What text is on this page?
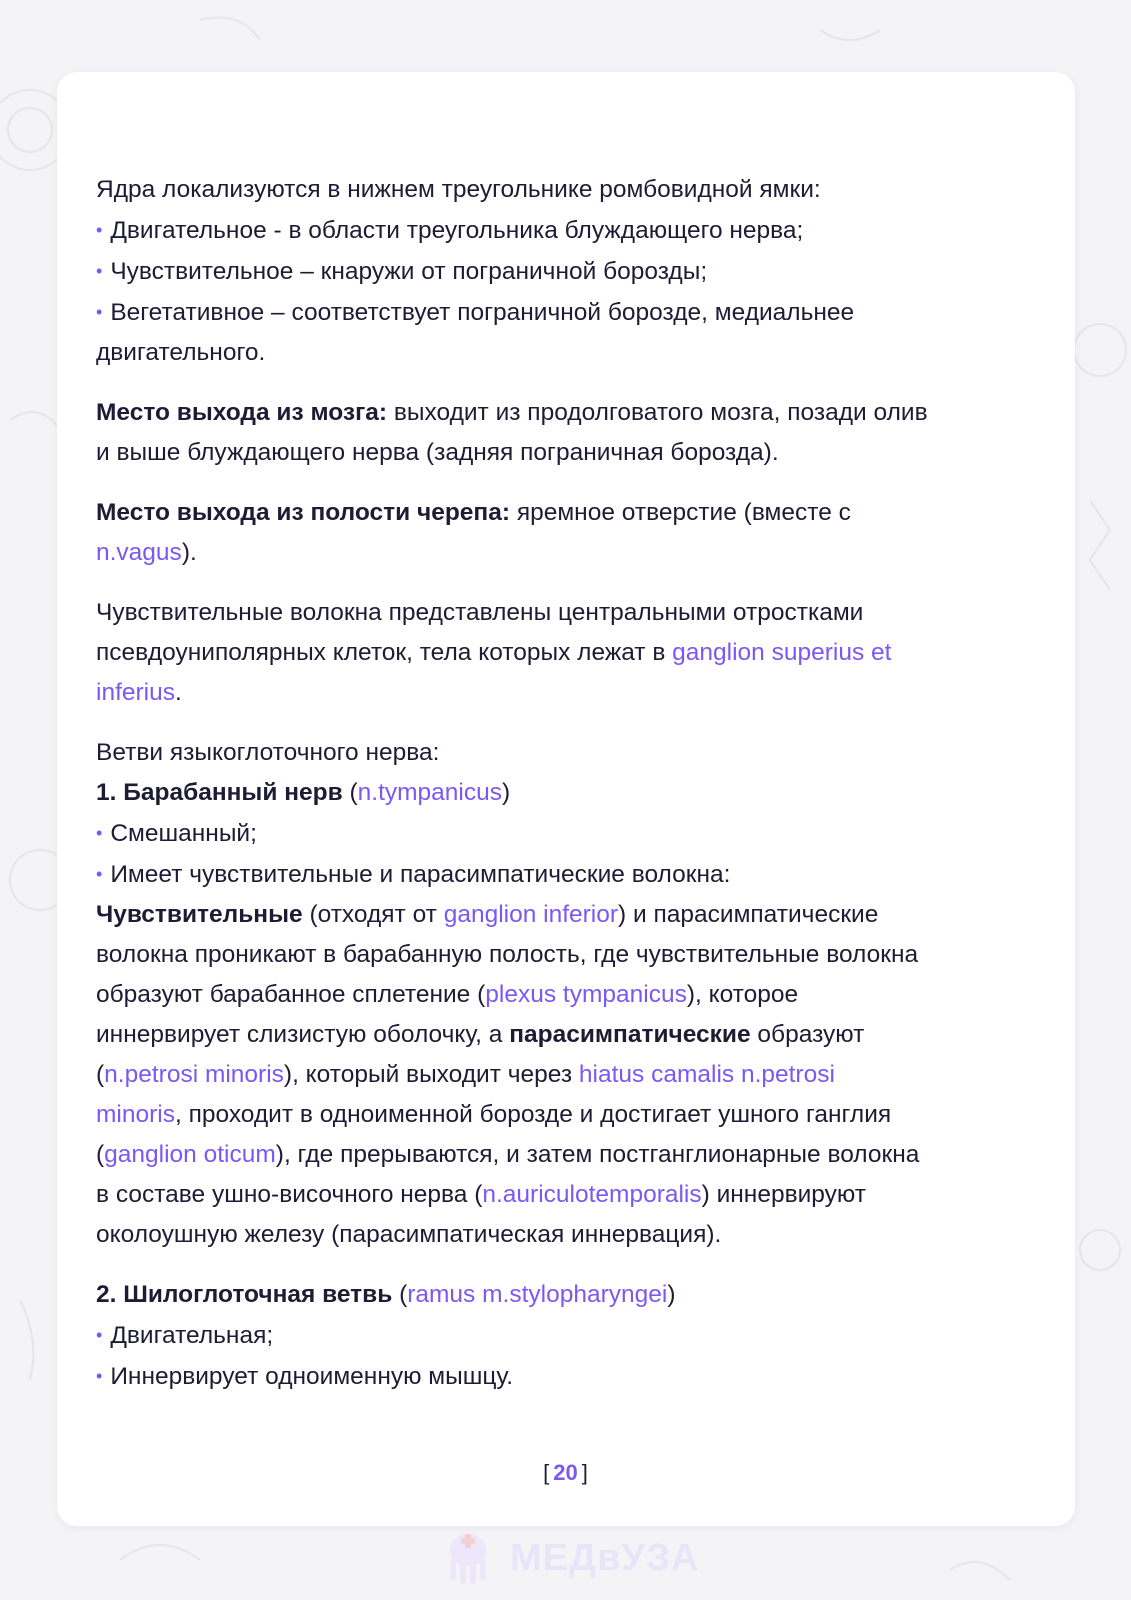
Ядра локализуются в нижнем треугольнике ромбовидной ямки:
• Двигательное - в области треугольника блуждающего нерва;
• Чувствительное – кнаружи от пограничной борозды;
• Вегетативное – соответствует пограничной борозде, медиальнее
двигательного.

Место выхода из мозга: выходит из продолговатого мозга, позади олив
и выше блуждающего нерва (задняя пограничная борозда).

Место выхода из полости черепа: яремное отверстие (вместе с
n.vagus).

Чувствительные волокна представлены центральными отростками
псевдоуниполярных клеток, тела которых лежат в ganglion superius et
inferius.

Ветви языкоглоточного нерва:
1. Барабанный нерв (n.tympanicus)
• Смешанный;
• Имеет чувствительные и парасимпатические волокна:
Чувствительные (отходят от ganglion inferior) и парасимпатические
волокна проникают в барабанную полость, где чувствительные волокна
образуют барабанное сплетение (plexus tympanicus), которое
иннервирует слизистую оболочку, а парасимпатические образуют
(n.petrosi minoris), который выходит через hiatus camalis n.petrosi
minoris, проходит в одноименной борозде и достигает ушного ганглия
(ganglion oticum), где прерываются, и затем постганглионарные волокна
в составе ушно-височного нерва (n.auriculotemporalis) иннервируют
околоушную железу (парасимпатическая иннервация).

2. Шилоглоточная ветвь (ramus m.stylopharyngei)
• Двигательная;
• Иннервирует одноименную мышцу.

[ 20 ]
МЕДвУЗА
